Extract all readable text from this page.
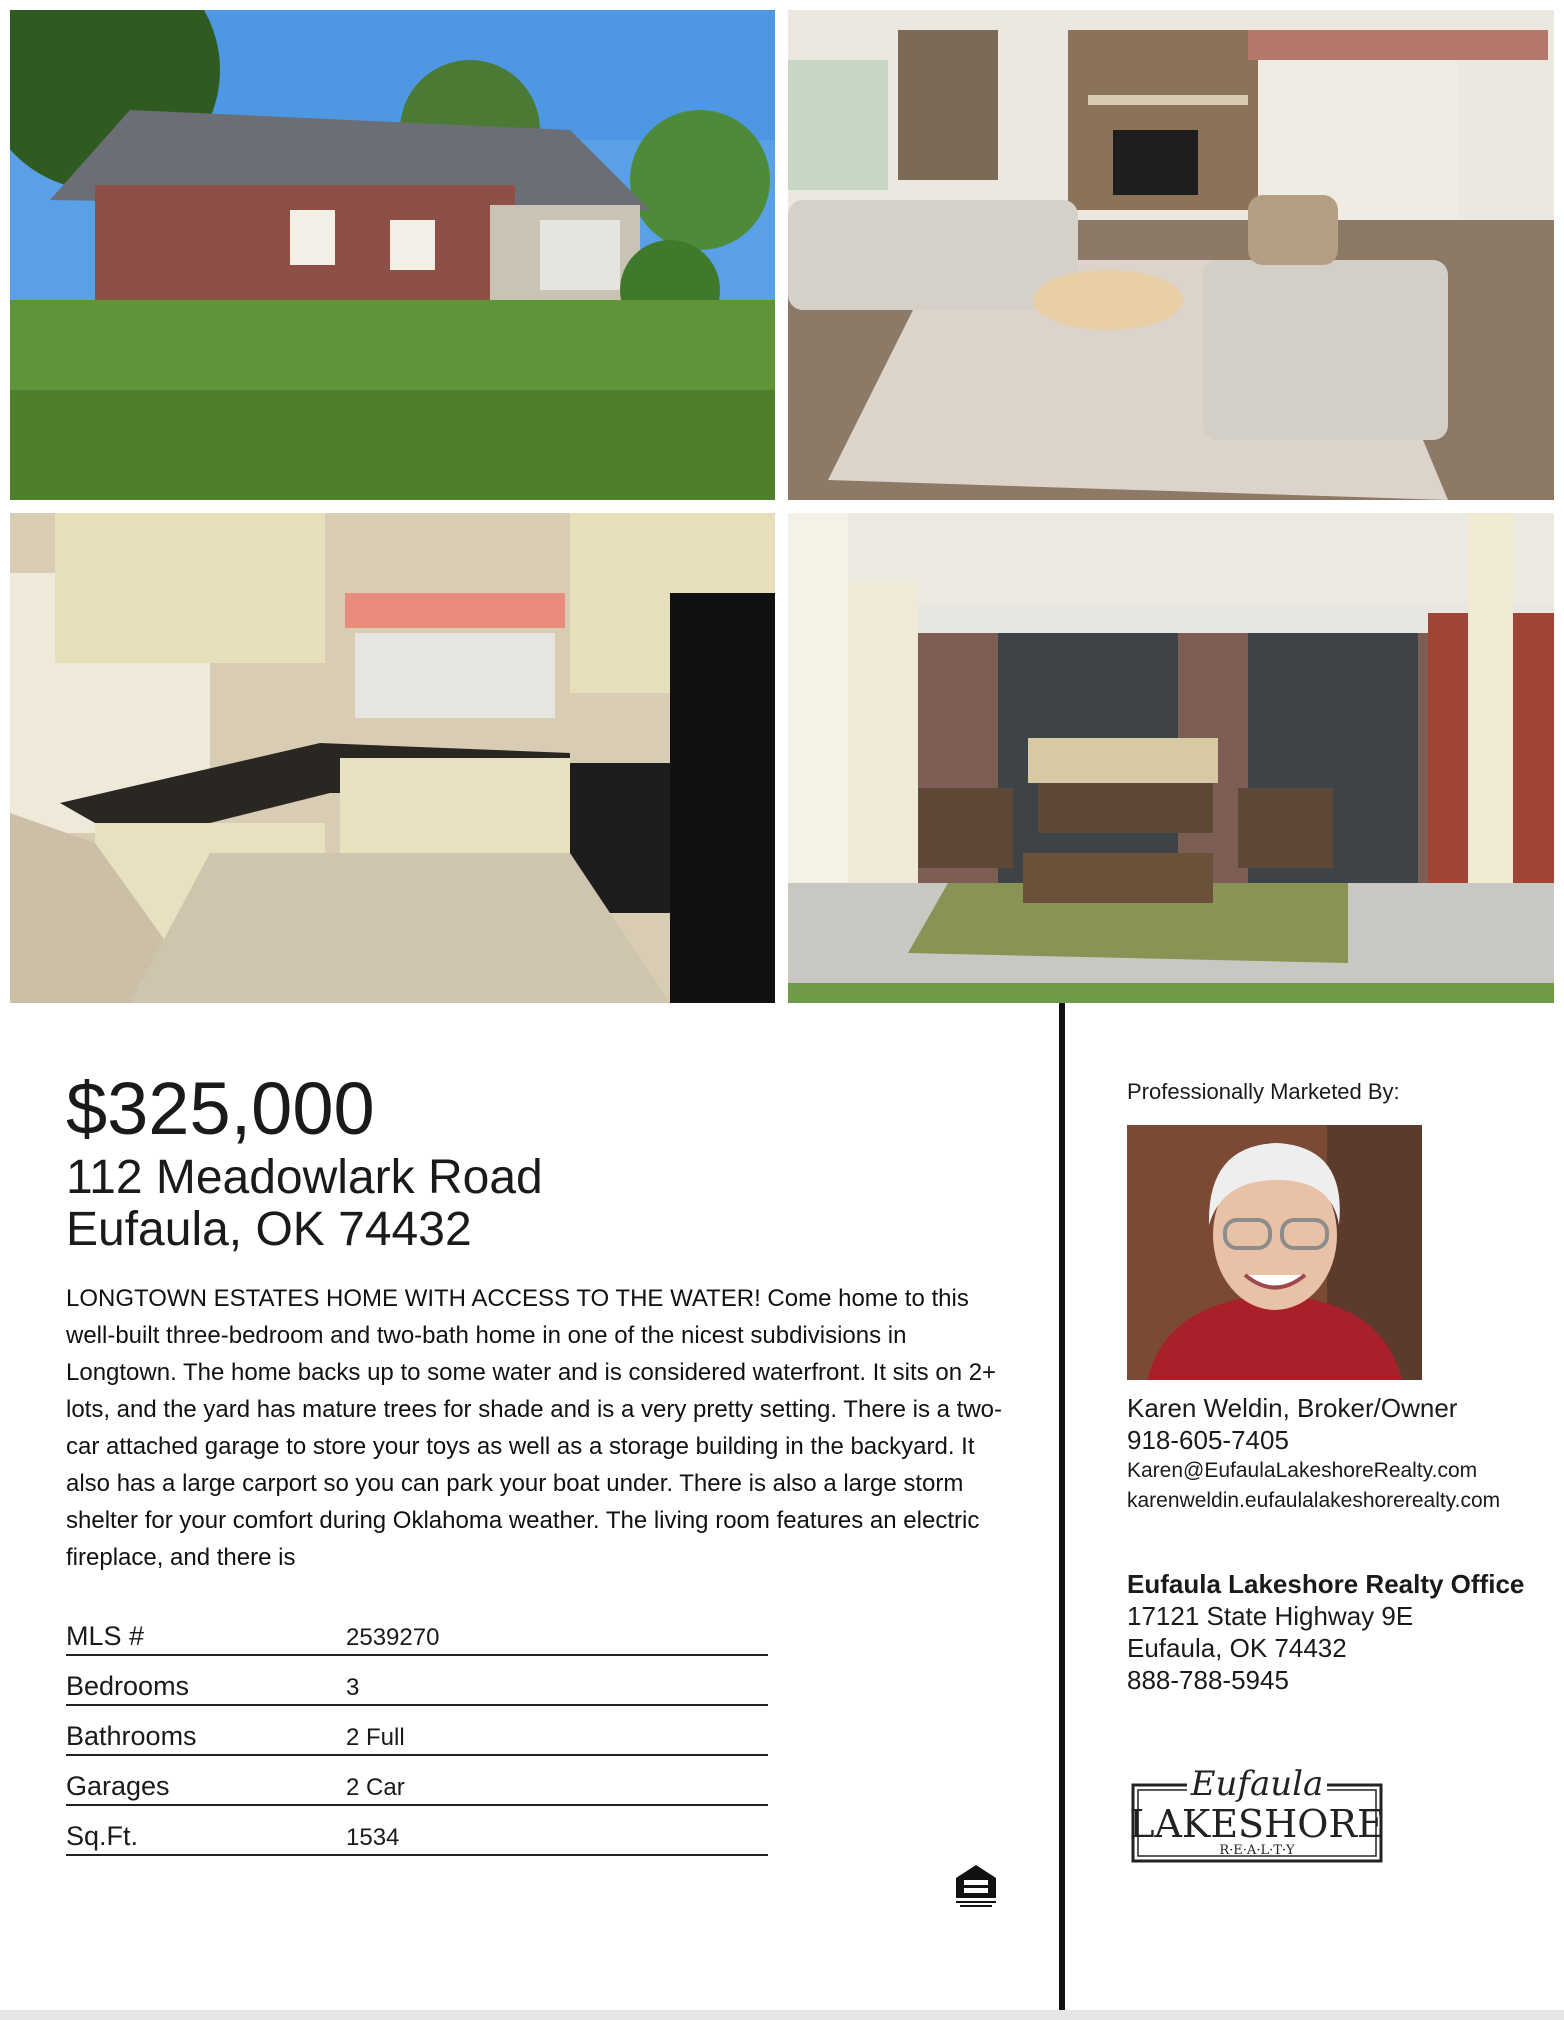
$325,000
112 Meadowlark Road
Eufaula, OK 74432
LONGTOWN ESTATES HOME WITH ACCESS TO THE WATER! Come home to this well-built three-bedroom and two-bath home in one of the nicest subdivisions in Longtown. The home backs up to some water and is considered waterfront. It sits on 2+ lots, and the yard has mature trees for shade and is a very pretty setting. There is a two-car attached garage to store your toys as well as a storage building in the backyard. It also has a large carport so you can park your boat under. There is also a large storm shelter for your comfort during Oklahoma weather. The living room features an electric fireplace, and there is
MLS #	2539270
Bedrooms	3
Bathrooms	2 Full
Garages	2 Car
Sq.Ft.	1534
Professionally Marketed By:
Karen Weldin, Broker/Owner
918-605-7405
Karen@EufaulaLakeshoreRealty.com
karenweldin.eufaulalakeshorerealty.com
Eufaula Lakeshore Realty Office
17121 State Highway 9E
Eufaula, OK 74432
888-788-5945
Eufaula
LAKESHORE
R·E·A·L·T·Y
